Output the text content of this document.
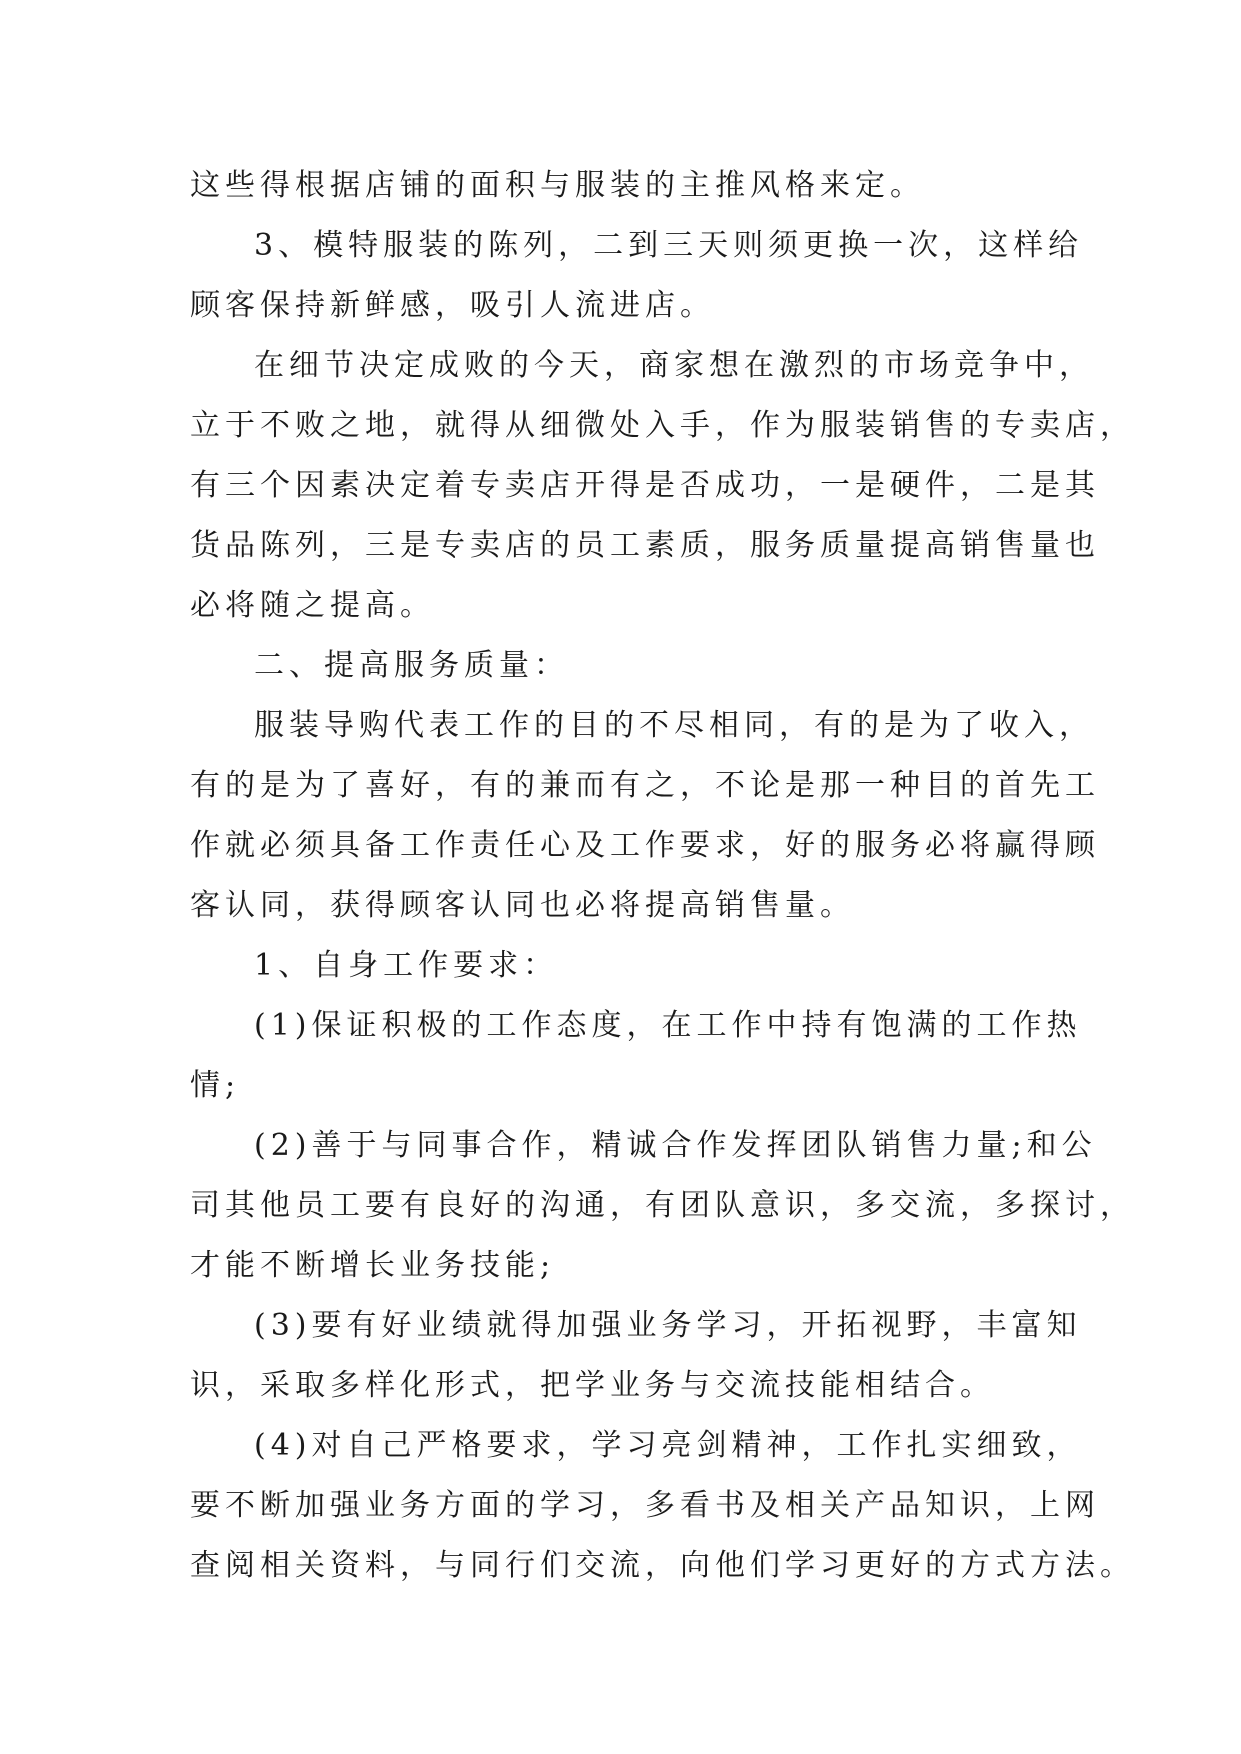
这些得根据店铺的面积与服装的主推风格来定。
3、模特服装的陈列，二到三天则须更换一次，这样给
顾客保持新鲜感，吸引人流进店。
在细节决定成败的今天，商家想在激烈的市场竞争中，
立于不败之地，就得从细微处入手，作为服装销售的专卖店，
有三个因素决定着专卖店开得是否成功，一是硬件，二是其
货品陈列，三是专卖店的员工素质，服务质量提高销售量也
必将随之提高。
二、提高服务质量：
服装导购代表工作的目的不尽相同，有的是为了收入，
有的是为了喜好，有的兼而有之，不论是那一种目的首先工
作就必须具备工作责任心及工作要求，好的服务必将赢得顾
客认同，获得顾客认同也必将提高销售量。
1、自身工作要求：
(1)保证积极的工作态度，在工作中持有饱满的工作热
情;
(2)善于与同事合作，精诚合作发挥团队销售力量;和公
司其他员工要有良好的沟通，有团队意识，多交流，多探讨，
才能不断增长业务技能;
(3)要有好业绩就得加强业务学习，开拓视野，丰富知
识，采取多样化形式，把学业务与交流技能相结合。
(4)对自己严格要求，学习亮剑精神，工作扎实细致，
要不断加强业务方面的学习，多看书及相关产品知识，上网
查阅相关资料，与同行们交流，向他们学习更好的方式方法。
